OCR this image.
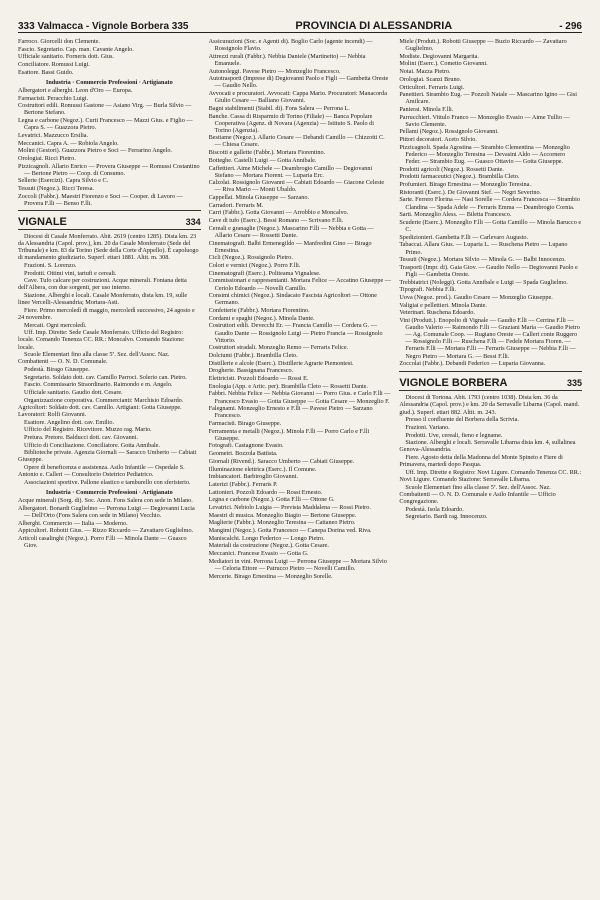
333 Valmacca - Vignole Borbera 335	PROVINCIA DI ALESSANDRIA	- 296

Farroco. Giorcelli don Clemente.

Fascio. Segretario. Cap. man. Cavante Angelo.

Ufficiale sanitario. Forneris dott. Gius.

Conciliatore. Romussi Luigi.

Esattore. Bassi Guido.

Industria · Commercio Professioni · Artigianato

Albergatori e alberghi. Leon d'Oro — Europa.

Farmacisti. Peracchio Luigi.

Costruttori edili. Romussi Gastone — Asiano Virg. — Burla Silvio — Bertone Stefano.

Legna e carbone (Negoz.). Curti Francesco — Mazzi Gius. e Figlio — Capra S. — Guazzora Pietro.

Levatrici. Mazzucco Ersilia.

Meccanici. Capra A. — Robiola Angelo.

Molini (Gestori). Guazzora Pietro e Soci — Ferrarino Angelo.

Orologiai. Ricci Pietro.

Pizzicagnoli. Allario Enrico — Provera Giuseppe — Romussi Costantino — Bertone Pietro — Coop. di Consumo.

Sellerie (Esercizi). Capra Silvio e C.

Tessuti (Negoz.). Ricci Teresa.

Zoccoli (Fabbr.). Maestri Fiorenzo e Soci — Cooper. di Lavoro — Provera F.lli — Benso F.lli.

VIGNALE	334

Diocesi di Casale Monferrato. Abit. 2619 (centro 1285). Dista km. 23 da Alessandria (Capol. prov.), km. 20 da Casale Monferrato (Sede del Tribunale) e km. 83 da Torino (Sede della Corte d'Appello). È capoluogo di mandamento giudiziario. Superf. ettari 1881. Altit. m. 308.

Frazioni. S. Lorenzo.

Prodotti. Ottimi vini, tartufi e cereali.

Cave. Tufo calcare per costruzioni. Acque minerali. Fontana detta dell'Albera, con due sorgenti, per uso interno.

Stazione. Alberghi e locali. Casale Monferrato, dista km. 19, sulle linee Vercelli-Alessandria; Mortara-Asti.

Fiere. Primo mercoledì di maggio, mercoledì successivo, 24 agosto e 24 novembre.

Mercati. Ogni mercoledì.

Uff. Imp. Dirette: Sede Casale Monferrato. Ufficio del Registro: locale. Comando Tenenza CC. RR.: Moncalvo. Comando Stazione: locale.

Scuole Elementari fino alla classe 5ª. Sez. dell'Assoc. Naz. Combattenti — O. N. D. Comunale.

Podestà. Birago Giuseppe.

Segretario. Soldato dott. cav. Camillo Parroci. Solerio can. Pietro.

Fascio. Commissario Straordinario. Raimondo e m. Angelo.

Ufficiale sanitario. Gaudio dott. Cesare.

Organizzazione corporativa. Commercianti: Marchisio Edoardo. Agricoltori: Soldato dott. cav. Camillo. Artigiani: Gotta Giuseppe. Lavoratori: Rolfi Giovanni.

Esattore. Angelino dott. cav. Emilio.

Ufficio del Registro. Ricevitore. Muzzo rag. Mario.

Pretura. Pretore. Balducci dott. cav. Giovanni.

Ufficio di Conciliazione. Conciliatore. Gotta Annibale.

Biblioteche private. Agenzia Giornali — Saracco Umberto — Cabiati Giuseppe.

Opere di beneficenza e assistenza. Asilo Infantile — Ospedale S. Antonio e. Calleri — Consultorio Ostetrico Pediatrico.

Associazioni sportive. Pallone elastico e tamburello con sferisterio.

Industria · Commercio Professioni · Artigianato

Acque minerali (Sorg. di). Soc. Anon. Fons Salera con sede in Milano.

Albergatori. Bonardi Guglielmo — Perrona Luigi — Degiovanni Lucia — Dell'Orto (Fons Salera con sede in Milano) Vecchio.

Alberghi. Commercio — Italia — Moderno.

Appicultori. Robotti Gius. — Rizzo Riccardo — Zavattaro Guglielmo.

Articoli casalinghi (Negoz.). Porro F.lli — Minola Dante — Guasco Giov.

Assicurazioni (Soc. e Agenti di). Boglio Carlo (agente incendi) — Rossignolo Flavio.

Attrezzi rurali (Fabbr.). Nebbia Daniele (Martinetto) — Nebbia Emanuele.

Autonoleggi. Pavese Pietro — Monzeglio Francesco.

Autotrasporti (Imprese di) Degiovanni Paolo e Figli — Gambetta Oreste — Gaudio Nello.

Avvocati e procuratori. Avvocati: Cappa Mario. Procuratori: Manacorda Giulio Cesare — Balliano Giovanni.

Bagni stabilimenti (Stabil. di). Fons Salera — Perrona L.

Banche. Cassa di Risparmio di Torino (Filiale) — Banca Popolare Cooperativa (Agenz. di Novara (Agenzia) — Istituto S. Paolo di Torino (Agenzia).

Bestiame (Negoz.). Allario Cesare — Debandi Camillo — Chizzotti C. — Chiesa Cesare.

Biscotti e gallette (Fabbr.). Mortara Fiorentino.

Botteghe. Castelli Luigi — Gotta Annibale.

Caffettieri. Aime Michele — Deambrogio Camillo — Degiovanni Stefano — Mortara Fiorent. — Luparia Erc.

Calzolai. Rossignolo Giovanni — Cabiati Edoardo — Giacone Celeste — Riva Mario — Monti Ubaldo.

Cappellai. Minola Giuseppe — Sarzano.

Carradori. Ferraris M.

Carri (Fabbr.). Gotta Giovanni — Arrobbio e Moncalvo.

Cave di tufo (Eserc.). Bessi Romano — Scrivano F.lli.

Cereali e granaglie (Negoz.). Mascarino F.lli — Nebbia e Gotta — Allario Cesare — Rossetti Dante.

Cinematografi. Balbi Ermenegildo — Manfredini Gino — Birago Ernestina.

Cicli (Negoz.). Rossignolo Pietro.

Colori e vernici (Negoz.). Porro F.lli.

Cinematografi (Eserc.). Politeama Vignalese.

Commissionari e rappresentanti. Mortara Felice — Accatino Giuseppe — Ceriolo Edoardo — Novelli Camillo.

Consimi chimici (Negoz.). Sindacato Fascista Agricoltori — Ottone Germano.

Confetterie (Fabbr.). Mortara Fiorentino.

Cordami e spaghi (Negoz.). Minola Dante.

Costruttori edili. Devecchi Er. — Francia Camillo — Cordera G. — Gaudio Dante — Rossignolo Luigi — Pietro Francia — Rossignolo Vittorio.

Costruttori stradali. Monzeglio Remo — Ferraris Felice.

Dolciumi (Fabbr.). Brambilla Cleto.

Distillerie e alcole (Eserc.). Distillerie Agrarie Piemontesi.

Drogherie. Bassignana Francesco.

Elettricisti. Pozzoli Edoardo — Rossi E.

Enologia (App. e Artic. per). Brambilla Cleto — Rossetti Dante.

Fabbri. Nebbia Felice — Nebbia Giovanni — Porro Gius. e Carlo F.lli — Francesco Evasio — Gotta Giuseppe — Gotta Cesare — Monzeglio F.

Falegnami. Monzeglio Ernesto e F.lli — Pavese Pietro — Sarzano Francesco.

Farmacisti. Birago Giuseppe.

Ferramenta e metalli (Negoz.). Minola F.lli — Porro Carlo e F.lli Giuseppe.

Fotografi. Castagnone Evasio.

Geometri. Bozzola Battista.

Giornali (Rivend.). Saracco Umberto — Cabiati Giuseppe.

Illuminazione elettrica (Eserc.). Il Comune.

Imbiancatori. Barbiroglio Giovanni.

Laterizi (Fabbr.). Ferraris P.

Lattonieri. Pozzoli Edoardo — Rossi Ernesto.

Legna e carbone (Negoz.). Gotta F.lli — Ottone G.

Levatrici. Nebiolo Luigia — Prevista Maddalena — Rossi Pietro.

Maestri di musica. Monzeglio Biagio — Bertone Giuseppe.

Maglierie (Fabbr.). Monzeglio Teresina — Cattaneo Pietro.

Mangimi (Negoz.). Gotta Francesco — Canepa Dorina ved. Riva.

Maniscalchi. Longo Federico — Longo Pietro.

Materiali da costruzione (Negoz.). Gotta Cesare.

Meccanici. Francese Evasio — Gotta G.

Mediatori in vini. Perrona Luigi — Perrona Giuseppe — Mortara Silvio — Celoria Ettore — Patrucco Pietro — Novelli Camillo.

Mercerie. Birago Ernestina — Monzeglio Sorelle.

Miele (Produtt.). Robotti Giuseppe — Buzio Riccardo — Zavattaro Guglielmo.

Modiste. Degiovanni Margarita.

Molini (Eserc.). Cometto Giovanni.

Notai. Mazza Pietro.

Orologiai. Scanzi Bruno.

Orticultori. Ferraris Luigi.

Panettieri. Strambio Eug. — Pozzoli Natale — Mascarino Igino — Gisi Amilcare.

Panierai. Minola F.lli.

Parrucchieri. Vittulo Franco — Monzeglio Evasio — Aime Tullio — Savio Clemente.

Pellami (Negoz.). Rossignolo Giovanni.

Pittori decoratori. Aceto Silvio.

Pizzicagnoli. Spada Agostina — Strambio Clementina — Monzeglio Federico — Monzeglio Teresina — Devasini Aldo — Accornero Feder. — Strambio Eug. — Guasco Ottavio — Gotta Giuseppe.

Prodotti agricoli (Negoz.). Rossetti Dante.

Prodotti farmaceutici (Negoz.). Brambilla Cleto.

Profumieri. Birago Ernestina — Monzeglio Teresina.

Ristoranti (Eserc.). De Giovanni Stef. — Negri Severino.

Sarte. Ferrero Florina — Nasi Sorelle — Cordera Francesca — Strambio Clandina — Spada Adele — Ferraris Emma — Deambrogio Cornia.

Sarti. Monzeglio Aless. — Biletta Francesco.

Scuderie (Eserc.). Monzeglio F.lli — Gotta Camillo — Minola Barucco e C.

Spedizionieri. Gambetta F.lli — Carlevaro Augusto.

Tabaccai. Allara Gius. — Luparia L. — Ruschena Pietro — Lupano Primo.

Tessuti (Negoz.). Mortara Silvio — Minola G. — Balbi Innocenzo.

Trasporti (Impr. di). Gaia Giov. — Gaudio Nello — Degiovanni Paolo e Figli — Gambetta Oreste.

Trebbiatrici (Noleggi). Gotta Annibale e Luigi — Spada Guglielmo.

Tipografi. Nebbia F.lli.

Uova (Negoz. prod.). Gaudio Cesare — Monzeglio Giuseppe.

Valigiai e pellettieri. Minola Dante.

Veterinari. Ruschena Edoardo.

Vini (Produtt.). Enopolio di Vignale — Gaudio F.lli — Cerrina F.lli — Gaudio Valerio — Raimondo F.lli — Graziani Maria — Gaudio Pietro — Ag. Comunale Coop. — Rugiano Oreste — Calleri conte Ruggero — Rossignolo F.lli — Ruschena F.lli — Fedele Mortara Fioren. — Ferraris F.lli — Mortara F.lli — Ferraris Giuseppe — Nebbia F.lli — Negro Pietro — Mortara G. — Bessi F.lli.

Zoccolai (Fabbr.). Debandi Federico — Luparia Giovanna.

VIGNOLE BORBERA	335

Diocesi di Tortona. Abit. 1793 (centro 1038). Dista km. 36 da Alessandria (Capol. prov.) e km. 20 da Serravalle Libarna (Capol. mand. giud.). Superf. ettari 882. Altit. m. 243.

Presso il confluente del Borbera della Scrivia.

Frazioni. Variano.

Prodotti. Uve, cereali, fieno e legname.

Stazione. Alberghi e locali. Serravalle Libarna dista km. 4, sullalinea Genova-Alessandria.

Fiere. Agosto detta della Madonna del Monte Spineto e Fiere di Primavera, martedì dopo Pasqua.

Uff. Imp. Dirette e Registro: Novi Ligure. Comando Tenenza CC. RR.: Novi Ligure. Comando Stazione: Serravalle Libarna.

Scuole Elementari fino alla classe 5ª. Sez. dell'Assoc. Naz. Combattenti — O. N. D. Comunale e Asilo Infantile — Ufficio Congregazione.

Podestà. Isola Edoardo.

Segretario. Bardi rag. Innocenzo.
